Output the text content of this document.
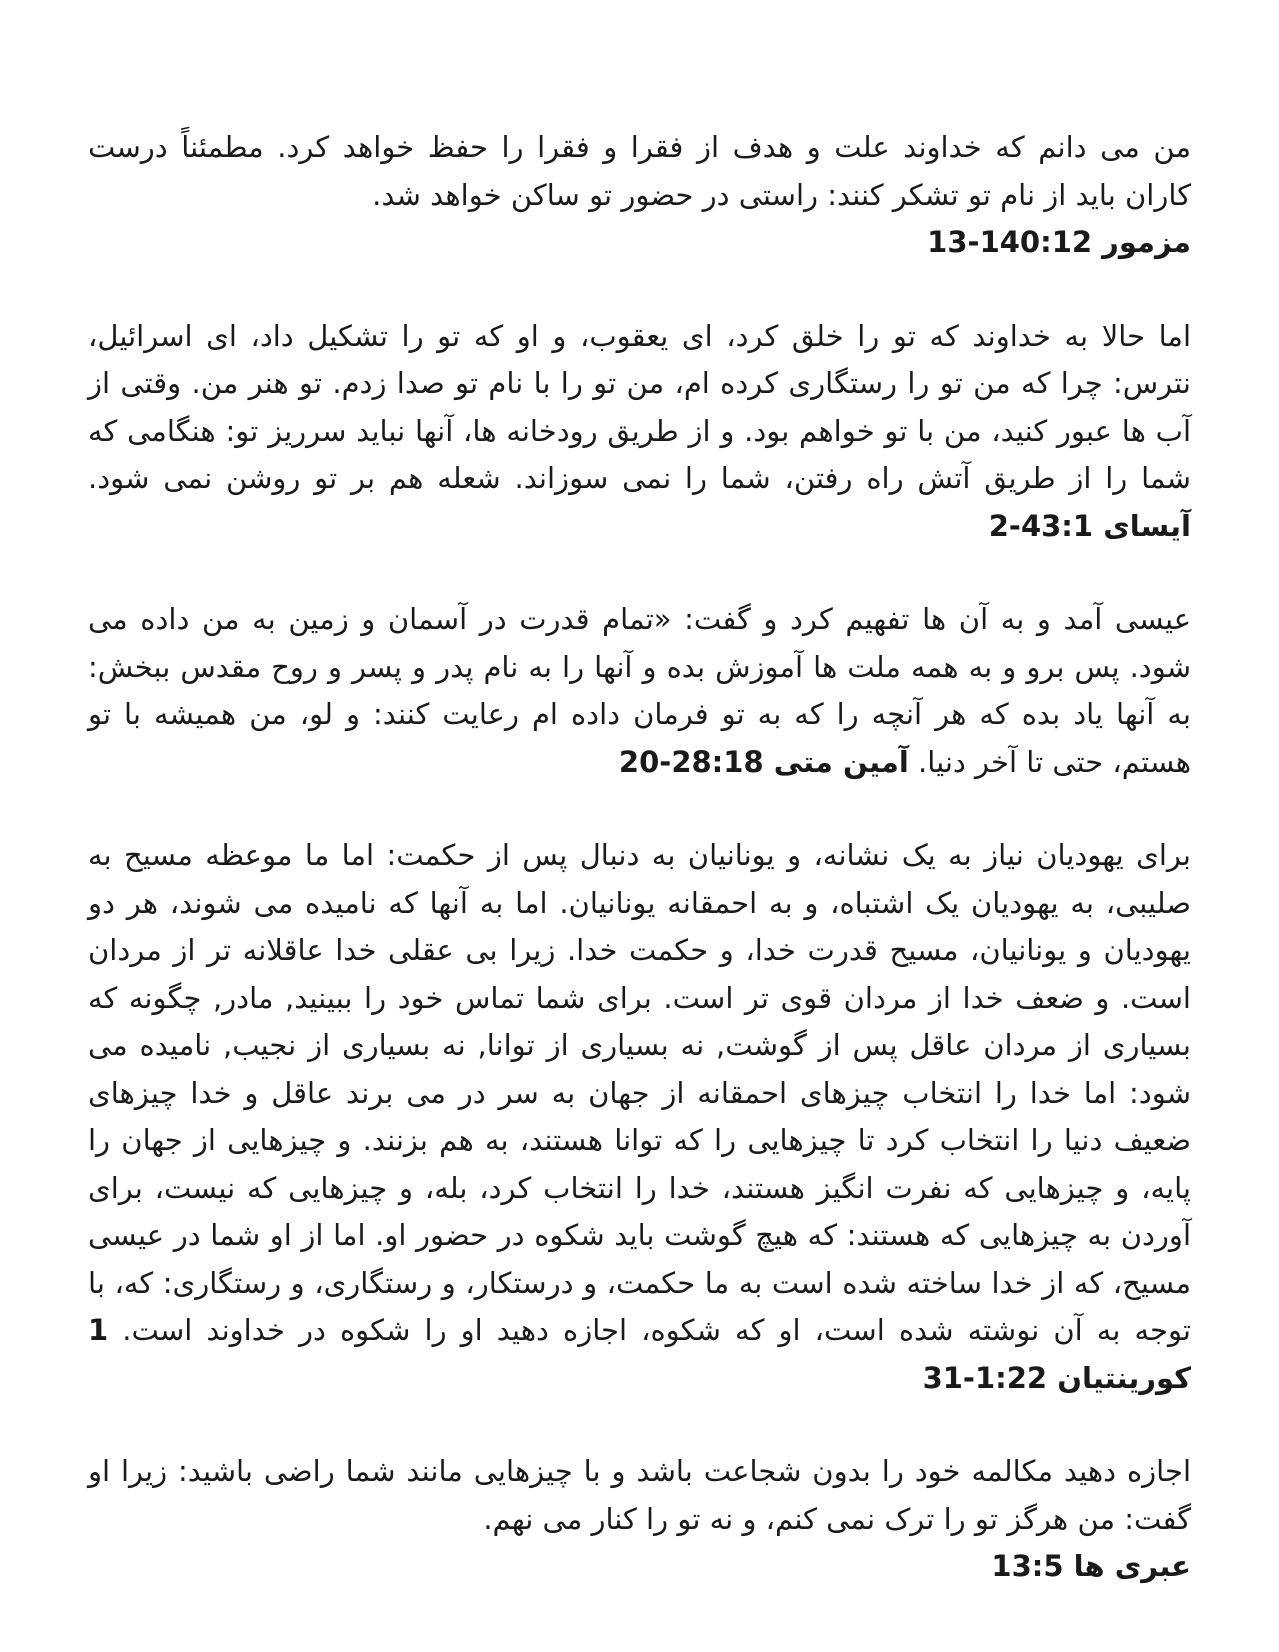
من می دانم که خداوند علت و هدف از فقرا و فقرا را حفظ خواهد کرد. مطمئناً درست کاران باید از نام تو تشکر کنند: راستی در حضور تو ساکن خواهد شد.
مزمور 140:12-13

اما حالا به خداوند که تو را خلق کرد، ای یعقوب، و او که تو را تشکیل داد، ای اسرائیل، نترس: چرا که من تو را رستگاری کرده ام، من تو را با نام تو صدا زدم. تو هنر من. وقتی از آب ها عبور کنید، من با تو خواهم بود. و از طریق رودخانه ها، آنها نباید سرریز تو: هنگامی که شما را از طریق آتش راه رفتن، شما را نمی سوزاند. شعله هم بر تو روشن نمی شود. آیسای 43:1-2

عیسی آمد و به آن ها تفهیم کرد و گفت: «تمام قدرت در آسمان و زمین به من داده می شود. پس برو و به همه ملت ها آموزش بده و آنها را به نام پدر و پسر و روح مقدس ببخش: به آنها یاد بده که هر آنچه را که به تو فرمان داده ام رعایت کنند: و لو، من همیشه با تو هستم، حتی تا آخر دنیا. آمین متی 28:18-20

برای یهودیان نیاز به یک نشانه، و یونانیان به دنبال پس از حکمت: اما ما موعظه مسیح به صلیبی، به یهودیان یک اشتباه، و به احمقانه یونانیان. اما به آنها که نامیده می شوند، هر دو یهودیان و یونانیان، مسیح قدرت خدا، و حکمت خدا. زیرا بی عقلی خدا عاقلانه تر از مردان است. و ضعف خدا از مردان قوی تر است. برای شما تماس خود را ببینید, مادر, چگونه که بسیاری از مردان عاقل پس از گوشت, نه بسیاری از توانا, نه بسیاری از نجیب, نامیده می شود: اما خدا را انتخاب چیزهای احمقانه از جهان به سر در می برند عاقل و خدا چیزهای ضعیف دنیا را انتخاب کرد تا چیزهایی را که توانا هستند، به هم بزنند. و چیزهایی از جهان را پایه، و چیزهایی که نفرت انگیز هستند، خدا را انتخاب کرد، بله، و چیزهایی که نیست، برای آوردن به چیزهایی که هستند: که هیچ گوشت باید شکوه در حضور او. اما از او شما در عیسی مسیح، که از خدا ساخته شده است به ما حکمت، و درستکار، و رستگاری، و رستگاری: که، با توجه به آن نوشته شده است، او که شکوه، اجازه دهید او را شکوه در خداوند است. 1 کورینتیان 1:22-31

اجازه دهید مکالمه خود را بدون شجاعت باشد و با چیزهایی مانند شما راضی باشید: زیرا او گفت: من هرگز تو را ترک نمی کنم، و نه تو را کنار می نهم.
عبری ها 13:5
